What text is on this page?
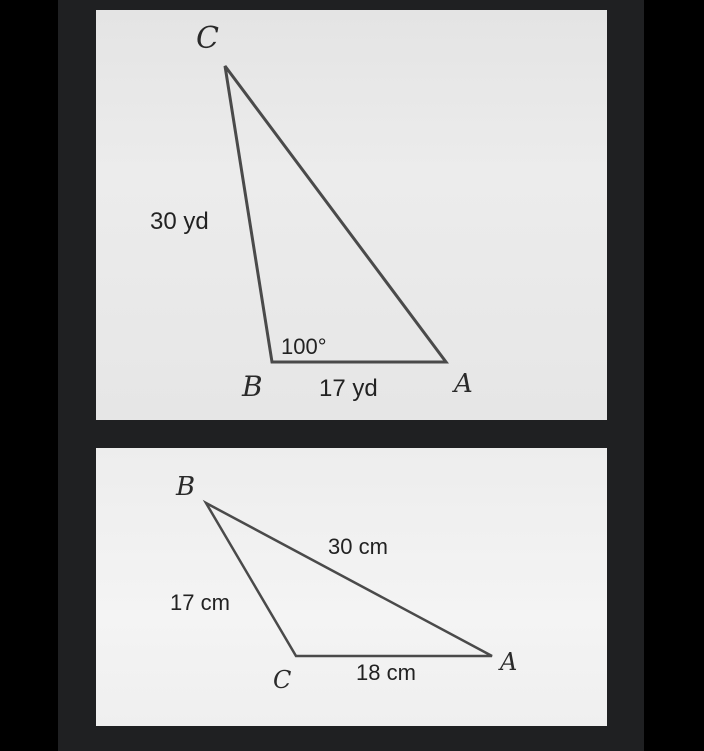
C
30 yd
100°
B 17 yd	A
B
30 cm
17 cm
C	18 cm	A
